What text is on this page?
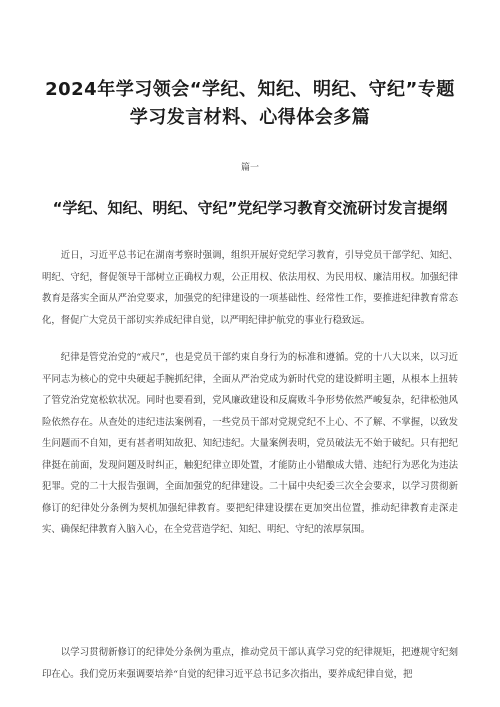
2024年学习领会“学纪、知纪、明纪、守纪”专题
学习发言材料、心得体会多篇
篇一
“学纪、知纪、明纪、守纪”党纪学习教育交流研讨发言提纲

近日，习近平总书记在湖南考察时强调，组织开展好党纪学习教育，引导党员干部学纪、知纪、明纪、守纪，督促领导干部树立正确权力观，公正用权、依法用权、为民用权、廉洁用权。加强纪律教育是落实全面从严治党要求，加强党的纪律建设的一项基础性、经常性工作，要推进纪律教育常态化，督促广大党员干部切实养成纪律自觉，以严明纪律护航党的事业行稳致远。

纪律是管党治党的“戒尺”，也是党员干部约束自身行为的标准和遵循。党的十八大以来，以习近平同志为核心的党中央硬起手腕抓纪律，全面从严治党成为新时代党的建设鲜明主题，从根本上扭转了管党治党宽松软状况。同时也要看到，党风廉政建设和反腐败斗争形势依然严峻复杂，纪律松弛风险依然存在。从查处的违纪违法案例看，一些党员干部对党规党纪不上心、不了解、不掌握，以致发生问题而不自知，更有甚者明知故犯、知纪违纪。大量案例表明，党员破法无不始于破纪。只有把纪律挺在前面，发现问题及时纠正，触犯纪律立即处置，才能防止小错酿成大错、违纪行为恶化为违法犯罪。党的二十大报告强调，全面加强党的纪律建设。二十届中央纪委三次全会要求，以学习贯彻新修订的纪律处分条例为契机加强纪律教育。要把纪律建设摆在更加突出位置，推动纪律教育走深走实、确保纪律教育入脑入心，在全党营造学纪、知纪、明纪、守纪的浓厚氛围。

以学习贯彻新修订的纪律处分条例为重点，推动党员干部认真学习党的纪律规矩，把遵规守纪刻印在心。我们党历来强调要培养“自觉的纪律习近平总书记多次指出，要养成纪律自觉，把
